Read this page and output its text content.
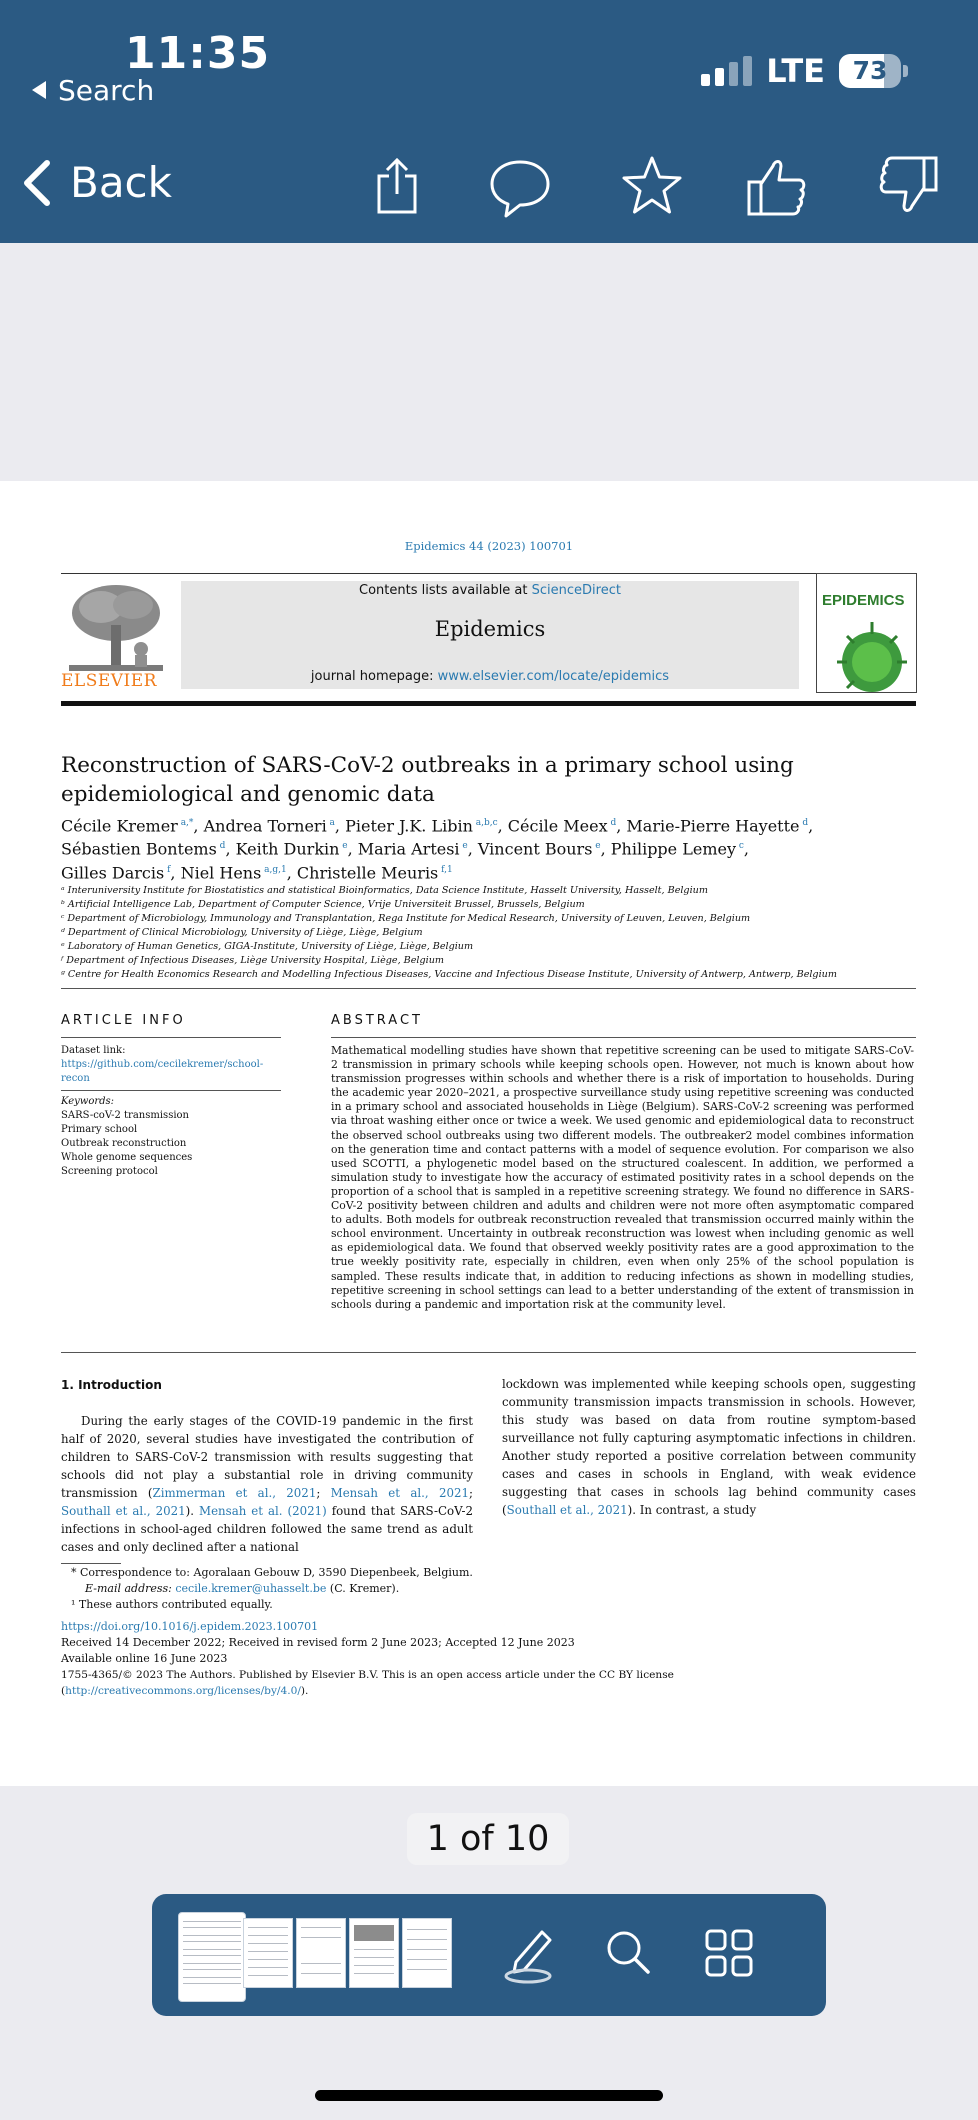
11:35
Search
LTE	73
Back
Epidemics 44 (2023) 100701
ELSEVIER
Contents lists available at ScienceDirect
Epidemics
journal homepage: www.elsevier.com/locate/epidemics
EPIDEMICS
Reconstruction of SARS-CoV-2 outbreaks in a primary school using epidemiological and genomic data
Cécile Kremer $^{a,*}$, Andrea Torneri $^a$, Pieter J.K. Libin $^{a,b,c}$, Cécile Meex $^d$, Marie-Pierre Hayette $^d$,
Sébastien Bontems $^d$, Keith Durkin $^e$, Maria Artesi $^e$, Vincent Bours $^e$, Philippe Lemey $^c$,
Gilles Darcis $^f$, Niel Hens $^{a,g,1}$, Christelle Meuris $^{f,1}$
ᵃ Interuniversity Institute for Biostatistics and statistical Bioinformatics, Data Science Institute, Hasselt University, Hasselt, Belgium
ᵇ Artificial Intelligence Lab, Department of Computer Science, Vrije Universiteit Brussel, Brussels, Belgium
ᶜ Department of Microbiology, Immunology and Transplantation, Rega Institute for Medical Research, University of Leuven, Leuven, Belgium
ᵈ Department of Clinical Microbiology, University of Liège, Liège, Belgium
ᵉ Laboratory of Human Genetics, GIGA-Institute, University of Liège, Liège, Belgium
ᶠ Department of Infectious Diseases, Liège University Hospital, Liège, Belgium
ᵍ Centre for Health Economics Research and Modelling Infectious Diseases, Vaccine and Infectious Disease Institute, University of Antwerp, Antwerp, Belgium
ARTICLE INFO	ABSTRACT
Dataset link: https://github.com/cecilekremer/school-recon
Keywords:
SARS-coV-2 transmission
Primary school
Outbreak reconstruction
Whole genome sequences
Screening protocol
Mathematical modelling studies have shown that repetitive screening can be used to mitigate SARS-CoV-2 transmission in primary schools while keeping schools open. However, not much is known about how transmission progresses within schools and whether there is a risk of importation to households. During the academic year 2020–2021, a prospective surveillance study using repetitive screening was conducted in a primary school and associated households in Liège (Belgium). SARS-CoV-2 screening was performed via throat washing either once or twice a week. We used genomic and epidemiological data to reconstruct the observed school outbreaks using two different models. The outbreaker2 model combines information on the generation time and contact patterns with a model of sequence evolution. For comparison we also used SCOTTI, a phylogenetic model based on the structured coalescent. In addition, we performed a simulation study to investigate how the accuracy of estimated positivity rates in a school depends on the proportion of a school that is sampled in a repetitive screening strategy. We found no difference in SARS-CoV-2 positivity between children and adults and children were not more often asymptomatic compared to adults. Both models for outbreak reconstruction revealed that transmission occurred mainly within the school environment. Uncertainty in outbreak reconstruction was lowest when including genomic as well as epidemiological data. We found that observed weekly positivity rates are a good approximation to the true weekly positivity rate, especially in children, even when only 25% of the school population is sampled. These results indicate that, in addition to reducing infections as shown in modelling studies, repetitive screening in school settings can lead to a better understanding of the extent of transmission in schools during a pandemic and importation risk at the community level.
1. Introduction
During the early stages of the COVID-19 pandemic in the first half of 2020, several studies have investigated the contribution of children to SARS-CoV-2 transmission with results suggesting that schools did not play a substantial role in driving community transmission (Zimmerman et al., 2021; Mensah et al., 2021; Southall et al., 2021). Mensah et al. (2021) found that SARS-CoV-2 infections in school-aged children followed the same trend as adult cases and only declined after a national
lockdown was implemented while keeping schools open, suggesting community transmission impacts transmission in schools. However, this study was based on data from routine symptom-based surveillance not fully capturing asymptomatic infections in children. Another study reported a positive correlation between community cases and cases in schools in England, with weak evidence suggesting that cases in schools lag behind community cases (Southall et al., 2021). In contrast, a study
* Correspondence to: Agoralaan Gebouw D, 3590 Diepenbeek, Belgium.
E-mail address: cecile.kremer@uhasselt.be (C. Kremer).
¹ These authors contributed equally.
https://doi.org/10.1016/j.epidem.2023.100701
Received 14 December 2022; Received in revised form 2 June 2023; Accepted 12 June 2023
Available online 16 June 2023
1755-4365/© 2023 The Authors. Published by Elsevier B.V. This is an open access article under the CC BY license (http://creativecommons.org/licenses/by/4.0/).
1 of 10
